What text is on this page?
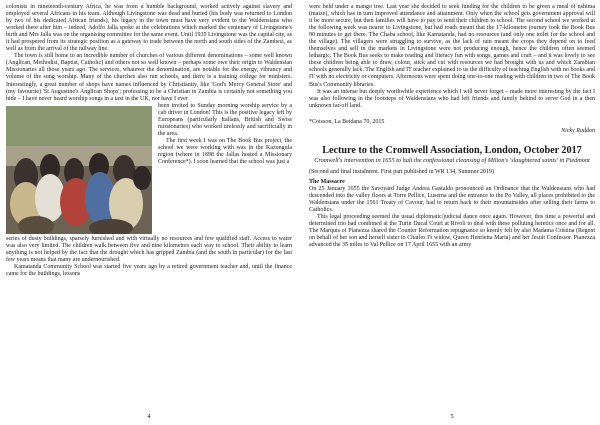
colonists in nineteenth-century Africa, he was from a humble background, worked actively against slavery and employed several Africans in his team. Although Livingstone was dead and buried (his body was returned to London by two of his dedicated African friends), his legacy in the town must have very evident to the Waldensians who worked there after him – indeed, Adolfo Jalla spoke at the celebrations which marked the centenary of Livingstone's birth and Mrs Jalla was on the organising committee for the same event. Until 1935 Livingstone was the capital city, as it had prospered from its strategic position as a gateway to trade between the north and south sides of the Zambesi, as well as from the arrival of the railway line.

The town is still home to an incredible number of churches of various different denominations – some well known (Anglican, Methodist, Baptist, Catholic) and others not so well known – perhaps some owe their origin to Waldensian Missionaries all those years ago. The services, whatever the denomination, are notable for the energy, vibrancy and volume of the sung worship. Many of the churches also run schools, and there is a training college for ministers. Interestingly, a great number of shops have names influenced by Christianity, like 'God's Mercy General Store' and (my favourite) 'St Augustine's Anglican Shops'; professing to be a Christian in Zambia is certainly not something you hide – I have never heard worship songs in a taxi in the UK, nor have I ever

been invited to Sunday morning worship service by a cab driver in London! This is the positive legacy left by Europeans (particularly Italians, British and Swiss missionaries) who worked tirelessly and sacrificially in the area.

The first week I was on The Book Bus project, the school we were working with was in the Kazungula region (where in 1898 the Jallas hosted a Missionary Conference*). I soon learned that the school was just a

series of dusty buildings, sparsely furnished and with virtually no resources and few qualified staff. Access to water was also very limited. The children walk between five and nine kilometres each way to school. Their ability to learn anything is not helped by the fact that the drought which has gripped Zambia (and the south in particular) for the last few years means that many are undernourished.

Kamatanda Community School was started five years ago by a retired government teacher and, until the finance came for the buildings, lessons

4

were held under a mango tree. Last year she decided to seek funding for the children to be given a meal of nshima (maize), which has in turn improved attendance and attainment. Only when the school gets government approval will it be more secure, but then families will have to pay to send their children to school. The second school we worked at the following week was nearer to Livingstone, but had roads meant that the 17-kilometre journey took the Book Bus 90 minutes to get there. The Chaba school, like Kamatanda, had no resources (and only one toilet for the school and the village). The villagers were struggling to survive, as the lack of rain meant the crops they depend on to feed themselves and sell in the markets in Livingstone were not producing enough, hence the children often seemed lethargic. The Book Bus seeks to make reading and literacy fun with songs, games and craft – and it was lovely to see these children being able to draw, colour, stick and cut with resources we had brought with us and which Zambian schools generally lack. The English and IT teacher explained to us the difficulty of teaching English with no books and IT with no electricity or computers. Afternoons were spent doing one-to-one reading with children in two of The Book Bus's Community libraries.

It was an intense but deeply worthwhile experience which I will never forget – made more interesting by the fact I was also following in the footsteps of Waldensians who had left friends and family behind to serve God in a then unknown far-off land.

*Coisson, La Beidana 70, 2015

Nicky Raddon
Lecture to the Cromwell Association, London, October 2017
Cromwell's intervention in 1655 to halt the confessional cleansing of Milton's 'slaughtered saints' in Piedmont

(Second and final instalment. First part published in WR 134, Summer 2019)

The Massacre

On 25 January 1655 the Savoyard Judge Andrea Gastaldo pronounced an Ordinance that the Waldensians who had descended into the valley floors at Torre Pellice, Luserna and the entrance to the Po Valley, all places prohibited to the Waldensians under the 1561 Treaty of Cavour, had to return back to their mountainsides after selling their farms to Catholics.

This legal proceeding seemed the usual diplomatic/judicial dance once again. However, this time a powerful and determined trio had combined at the Turin Ducal Court at Rivoli to deal with these polluting heretics once and for all. The Marquis of Pianezza shared the Counter Reformation repugnance so keenly felt by also Madama Cristina (Regent on behalf of her son and herself sister to Charles I's widow, Queen Henrietta Maria) and her Jesuit Confessor. Pianezza advanced the 35 miles to Val Pellice on 17 April 1655 with an army

5
